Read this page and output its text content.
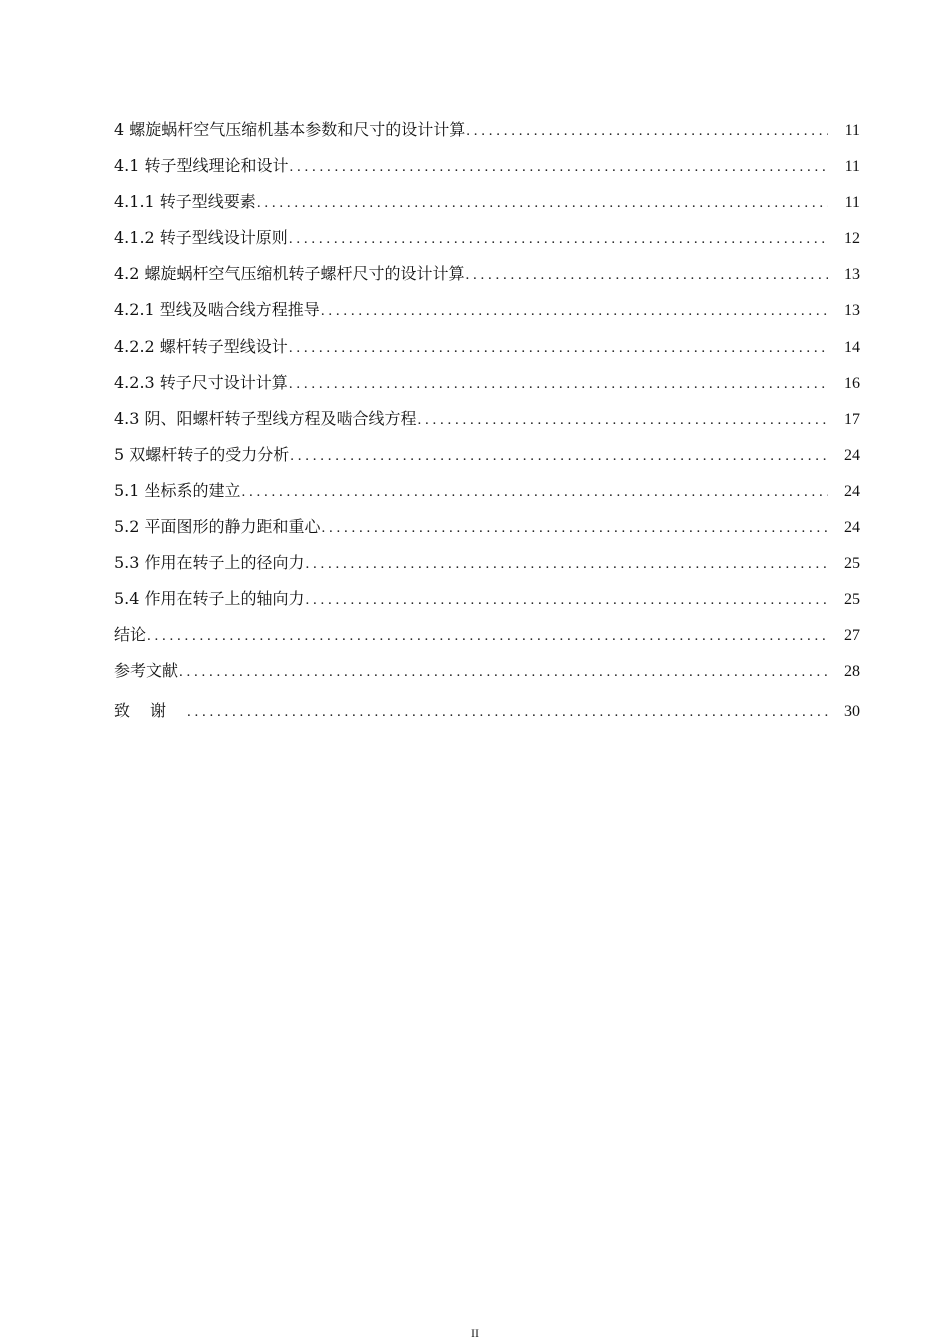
4 螺旋蜗杆空气压缩机基本参数和尺寸的设计计算 . . .	11
4.1 转子型线理论和设计 . . .	11
4.1.1 转子型线要素 . . .	11
4.1.2 转子型线设计原则 . . .	12
4.2 螺旋蜗杆空气压缩机转子螺杆尺寸的设计计算 . . .	13
4.2.1 型线及啮合线方程推导 . . .	13
4.2.2 螺杆转子型线设计 . . .	14
4.2.3 转子尺寸设计计算 . . .	16
4.3 阴、阳螺杆转子型线方程及啮合线方程 . . .	17
5 双螺杆转子的受力分析 . . .	24
5.1 坐标系的建立 . . .	24
5.2 平面图形的静力距和重心 . . .	24
5.3 作用在转子上的径向力 . . .	25
5.4 作用在转子上的轴向力 . . .	25
结论 . . .	27
参考文献 . . .	28
致谢 . . .	30
II
